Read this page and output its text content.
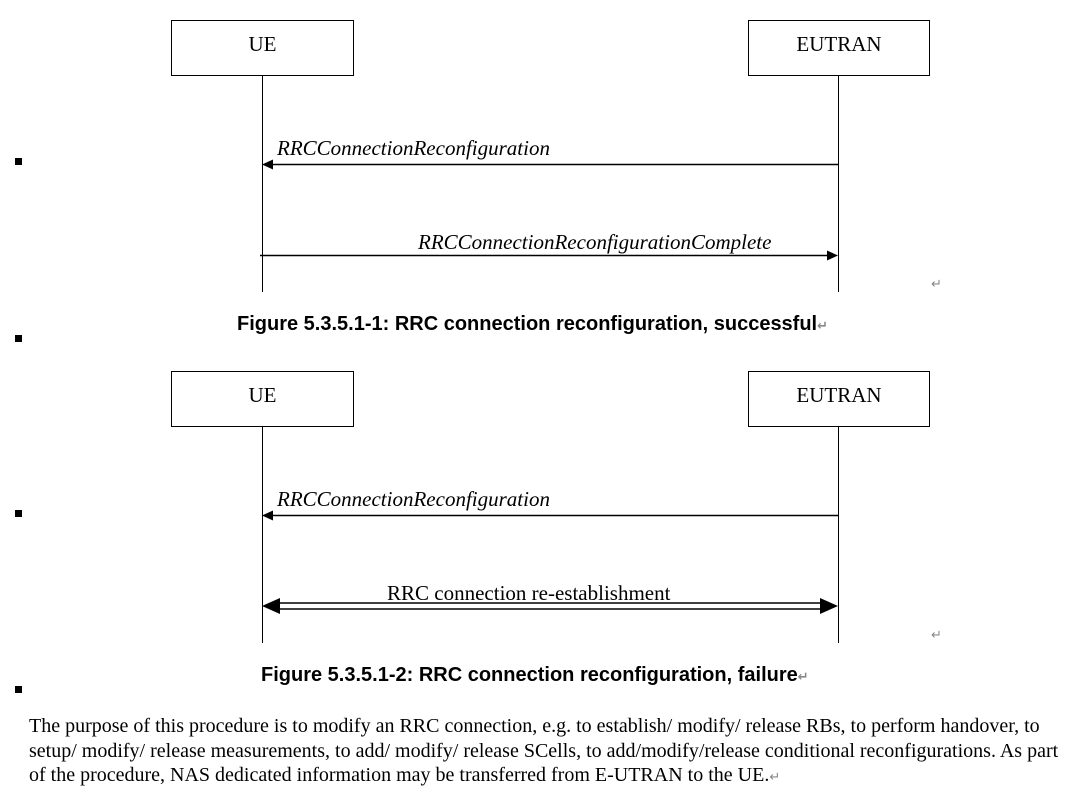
UE	EUTRAN
RRCConnectionReconfiguration
RRCConnectionReconfigurationComplete
↵
Figure 5.3.5.1-1: RRC connection reconfiguration, successful↵
UE	EUTRAN
RRCConnectionReconfiguration
RRC connection re-establishment
↵
Figure 5.3.5.1-2: RRC connection reconfiguration, failure↵
The purpose of this procedure is to modify an RRC connection, e.g. to establish/ modify/ release RBs, to perform handover, to setup/ modify/ release measurements, to add/ modify/ release SCells, to add/modify/release conditional reconfigurations. As part of the procedure, NAS dedicated information may be transferred from E-UTRAN to the UE.↵
